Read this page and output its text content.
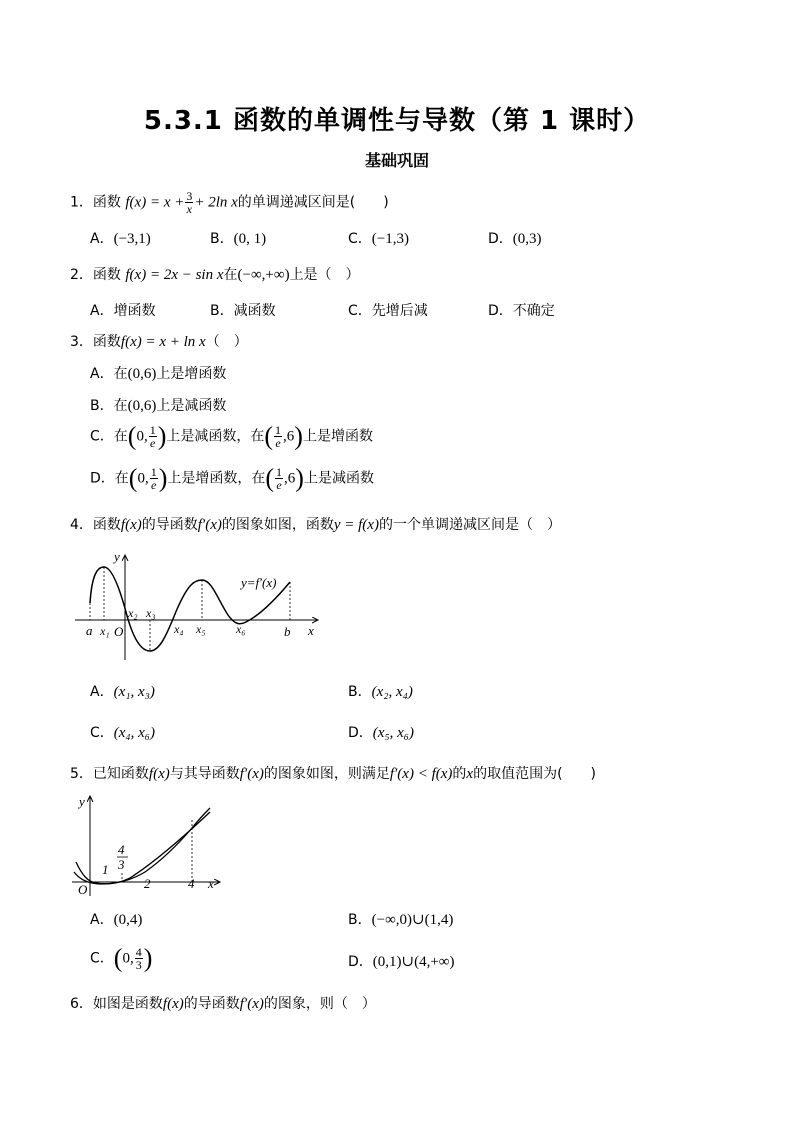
5.3.1 函数的单调性与导数（第 1 课时）
基础巩固
1．函数 $f(x) = x + \frac{3}{x} + 2\ln$ x的单调递减区间是(　　)
A．(−3,1)	B．(0, 1)	C．(−1,3)	D．(0,3)
2．函数 f(x) = 2x − sin x在(−∞,+∞)上是（　）
A．增函数	B．减函数	C．先增后减	D．不确定
3．函数f(x) = x + ln x（　）
A．在(0,6)上是增函数
B．在(0,6)上是减函数
C．在(0, $\frac{1}{e}$ )上是减函数，在( $\frac{1}{e} ,6$)上是增函数
D．在(0, $\frac{1}{e}$ )上是增函数，在( $\frac{1}{e} ,6$)上是减函数
4．函数f(x)的导函数f′(x)的图象如图，函数y = f(x)的一个单调递减区间是（　）
y
x
y=f′(x)
a x₁ O
x₂ x₃
x₄ x₅	x₆	b
A．(x₁, x₃)	B．(x₂, x₄)
C．(x₄, x₆)	D．(x₅, x₆)
5．已知函数f(x)与其导函数f′(x)的图象如图，则满足f′(x) < f(x)的x的取值范围为(　　)
y
x
O
1
4
3
2	4
A．(0,4)	B．(−∞,0)∪(1,4)
C．(0, $\frac{4}{3}$ )	D．(0,1)∪(4,+∞)
6．如图是函数f(x)的导函数f′(x)的图象，则（　）
